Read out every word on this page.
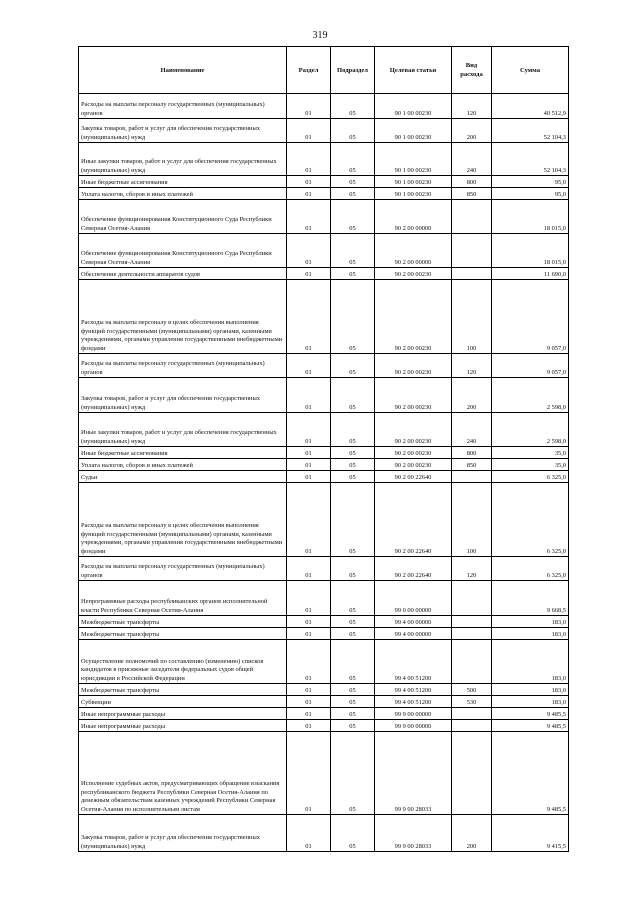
319
Наименование	Раздел	Подраздел	Целевая статья	Вид расхода	Сумма
Расходы на выплаты персоналу государственных (муниципальных) органов	01	05	90 1 00 00230	120	40 512,9
Закупка товаров, работ и услуг для обеспечения государственных (муниципальных) нужд	01	05	90 1 00 00230	200	52 104,3
Иные закупки товаров, работ и услуг для обеспечения государственных (муниципальных) нужд	01	05	90 1 00 00230	240	52 104,3
Иные бюджетные ассигнования	01	05	90 1 00 00230	800	95,0
Уплата налогов, сборов и иных платежей	01	05	90 1 00 00230	850	95,0
Обеспечение функционирования Конституционного Суда Республики Северная Осетия-Алания	01	05	90 2 00 00000		18 015,0
Обеспечение функционирования Конституционного Суда Республики Северная Осетия-Алания	01	05	90 2 00 00000		18 015,0
Обеспечение деятельности аппаратов судов	01	05	90 2 00 00230		11 690,0
Расходы на выплаты персоналу в целях обеспечения выполнения функций государственными (муниципальными) органами, казенными учреждениями, органами управления государственными внебюджетными фондами	01	05	90 2 00 00230	100	9 057,0
Расходы на выплаты персоналу государственных (муниципальных) органов	01	05	90 2 00 00230	120	9 057,0
Закупка товаров, работ и услуг для обеспечения государственных (муниципальных) нужд	01	05	90 2 00 00230	200	2 598,0
Иные закупки товаров, работ и услуг для обеспечения государственных (муниципальных) нужд	01	05	90 2 00 00230	240	2 598,0
Иные бюджетные ассигнования	01	05	90 2 00 00230	800	35,0
Уплата налогов, сборов и иных платежей	01	05	90 2 00 00230	850	35,0
Судьи	01	05	90 2 00 22640		6 325,0
Расходы на выплаты персоналу в целях обеспечения выполнения функций государственными (муниципальными) органами, казенными учреждениями, органами управления государственными внебюджетными фондами	01	05	90 2 00 22640	100	6 325,0
Расходы на выплаты персоналу государственных (муниципальных) органов	01	05	90 2 00 22640	120	6 325,0
Непрограммные расходы республиканских органов исполнительной власти Республики Северная Осетия-Алания	01	05	99 0 00 00000		9 668,5
Межбюджетные трансферты	01	05	99 4 00 00000		183,0
Межбюджетные трансферты	01	05	99 4 00 00000		183,0
Осуществление полномочий по составлению (изменению) списков кандидатов в присяжные заседатели федеральных судов общей юрисдикции в Российской Федерации	01	05	99 4 00 51200		183,0
Межбюджетные трансферты	01	05	99 4 00 51200	500	183,0
Субвенции	01	05	99 4 00 51200	530	183,0
Иные непрограммные расходы	01	05	99 9 00 00000		9 485,5
Иные непрограммные расходы	01	05	99 9 00 00000		9 485,5
Исполнение судебных актов, предусматривающих обращение взыскания республиканского бюджета Республики Северная Осетия-Алания по денежным обязательствам казенных учреждений Республики Северная Осетия-Алания по исполнительным листам	01	05	99 9 00 28033		9 485,5
Закупка товаров, работ и услуг для обеспечения государственных (муниципальных) нужд	01	05	99 9 00 28033	200	9 415,5
